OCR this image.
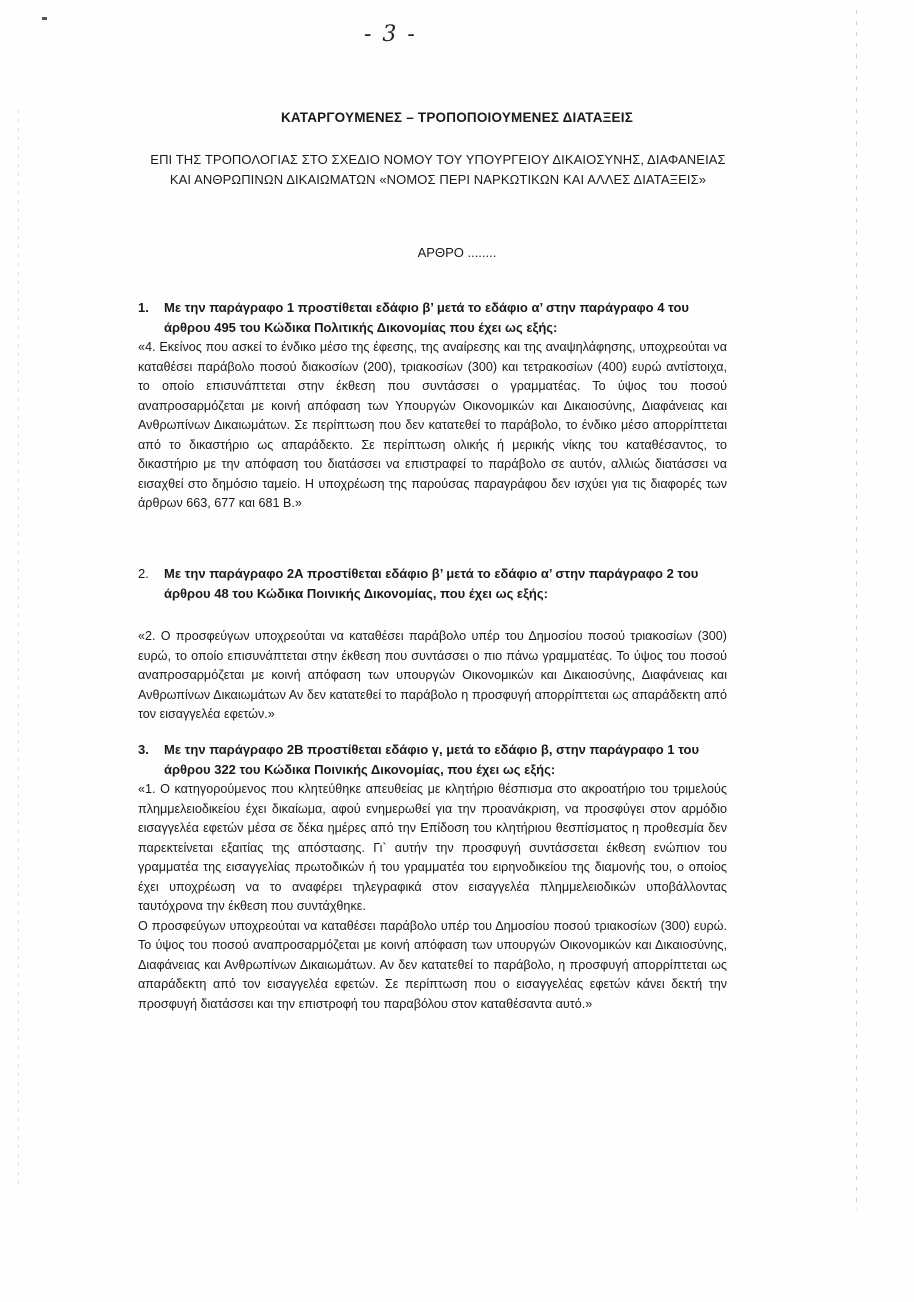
- 3 -
ΚΑΤΑΡΓΟΥΜΕΝΕΣ – ΤΡΟΠΟΠΟΙΟΥΜΕΝΕΣ ΔΙΑΤΑΞΕΙΣ
ΕΠΙ ΤΗΣ ΤΡΟΠΟΛΟΓΙΑΣ ΣΤΟ ΣΧΕΔΙΟ ΝΟΜΟΥ ΤΟΥ ΥΠΟΥΡΓΕΙΟΥ ΔΙΚΑΙΟΣΥΝΗΣ, ΔΙΑΦΑΝΕΙΑΣ ΚΑΙ ΑΝΘΡΩΠΙΝΩΝ ΔΙΚΑΙΩΜΑΤΩΝ «ΝΟΜΟΣ ΠΕΡΙ ΝΑΡΚΩΤΙΚΩΝ ΚΑΙ ΑΛΛΕΣ ΔΙΑΤΑΞΕΙΣ»
ΑΡΘΡΟ ........
1.	Με την παράγραφο 1 προστίθεται εδάφιο β’ μετά το εδάφιο α’ στην παράγραφο 4 του άρθρου 495 του Κώδικα Πολιτικής Δικονομίας που έχει ως εξής:

«4. Εκείνος που ασκεί το ένδικο μέσο της έφεσης, της αναίρεσης και της αναψηλάφησης, υποχρεούται να καταθέσει παράβολο ποσού διακοσίων (200), τριακοσίων (300) και τετρακοσίων (400) ευρώ αντίστοιχα, το οποίο επισυνάπτεται στην έκθεση που συντάσσει ο γραμματέας. Το ύψος του ποσού αναπροσαρμόζεται με κοινή απόφαση των Υπουργών Οικονομικών και Δικαιοσύνης, Διαφάνειας και Ανθρωπίνων Δικαιωμάτων. Σε περίπτωση που δεν κατατεθεί το παράβολο, το ένδικο μέσο απορρίπτεται από το δικαστήριο ως απαράδεκτο. Σε περίπτωση ολικής ή μερικής νίκης του καταθέσαντος, το δικαστήριο με την απόφαση του διατάσσει να επιστραφεί το παράβολο σε αυτόν, αλλιώς διατάσσει να εισαχθεί στο δημόσιο ταμείο. Η υποχρέωση της παρούσας παραγράφου δεν ισχύει για τις διαφορές των άρθρων 663, 677 και 681 Β.»

2.	Με την παράγραφο 2Α προστίθεται εδάφιο β’ μετά το εδάφιο α’ στην παράγραφο 2 του άρθρου 48 του Κώδικα Ποινικής Δικονομίας, που έχει ως εξής:

«2. Ο προσφεύγων υποχρεούται να καταθέσει παράβολο υπέρ του Δημοσίου ποσού τριακοσίων (300) ευρώ, το οποίο επισυνάπτεται στην έκθεση που συντάσσει ο πιο πάνω γραμματέας. Το ύψος του ποσού αναπροσαρμόζεται με κοινή απόφαση των υπουργών Οικονομικών και Δικαιοσύνης, Διαφάνειας και Ανθρωπίνων Δικαιωμάτων Αν δεν κατατεθεί το παράβολο η προσφυγή απορρίπτεται ως απαράδεκτη από τον εισαγγελέα εφετών.»

3.	Με την παράγραφο 2Β προστίθεται εδάφιο γ, μετά το εδάφιο β, στην παράγραφο 1 του άρθρου 322 του Κώδικα Ποινικής Δικονομίας, που έχει ως εξής:

«1. Ο κατηγορούμενος που κλητεύθηκε απευθείας με κλητήριο θέσπισμα στο ακροατήριο του τριμελούς πλημμελειοδικείου έχει δικαίωμα, αφού ενημερωθεί για την προανάκριση, να προσφύγει στον αρμόδιο εισαγγελέα εφετών μέσα σε δέκα ημέρες από την Επίδοση του κλητήριου θεσπίσματος η προθεσμία δεν παρεκτείνεται εξαιτίας της απόστασης. Γι` αυτήν την προσφυγή συντάσσεται έκθεση ενώπιον του γραμματέα της εισαγγελίας πρωτοδικών ή του γραμματέα του ειρηνοδικείου της διαμονής του, ο οποίος έχει υποχρέωση να το αναφέρει τηλεγραφικά στον εισαγγελέα πλημμελειοδικών υποβάλλοντας ταυτόχρονα την έκθεση που συντάχθηκε.

Ο προσφεύγων υποχρεούται να καταθέσει παράβολο υπέρ του Δημοσίου ποσού τριακοσίων (300) ευρώ. Το ύψος του ποσού αναπροσαρμόζεται με κοινή απόφαση των υπουργών Οικονομικών και Δικαιοσύνης, Διαφάνειας και Ανθρωπίνων Δικαιωμάτων. Αν δεν κατατεθεί το παράβολο, η προσφυγή απορρίπτεται ως απαράδεκτη από τον εισαγγελέα εφετών. Σε περίπτωση που ο εισαγγελέας εφετών κάνει δεκτή την προσφυγή διατάσσει και την επιστροφή του παραβόλου στον καταθέσαντα αυτό.»
